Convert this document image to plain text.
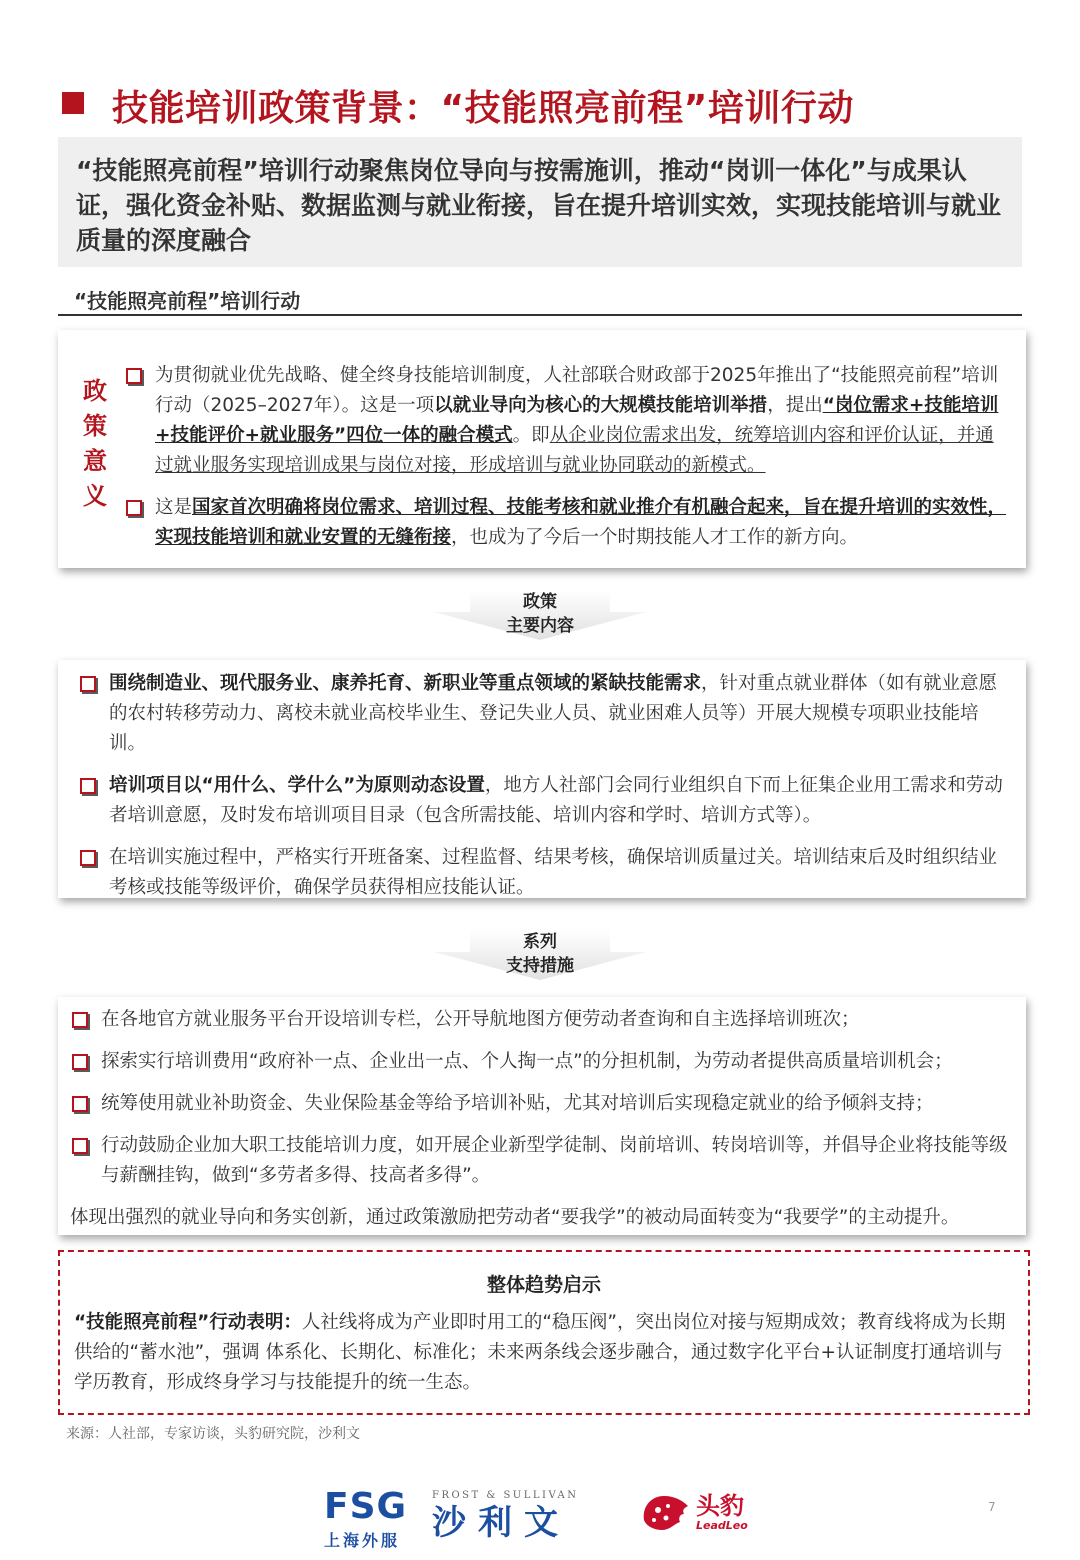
技能培训政策背景：“技能照亮前程”培训行动

“技能照亮前程”培训行动聚焦岗位导向与按需施训，推动“岗训一体化”与成果认证，强化资金补贴、数据监测与就业衔接，旨在提升培训实效，实现技能培训与就业质量的深度融合

“技能照亮前程”培训行动
政策意义
为贯彻就业优先战略、健全终身技能培训制度，人社部联合财政部于2025年推出了“技能照亮前程”培训行动（2025–2027年）。这是一项以就业导向为核心的大规模技能培训举措，提出“岗位需求+技能培训+技能评价+就业服务”四位一体的融合模式。即从企业岗位需求出发，统筹培训内容和评价认证，并通过就业服务实现培训成果与岗位对接，形成培训与就业协同联动的新模式。
这是国家首次明确将岗位需求、培训过程、技能考核和就业推介有机融合起来，旨在提升培训的实效性，实现技能培训和就业安置的无缝衔接，也成为了今后一个时期技能人才工作的新方向。
政策
主要内容
围绕制造业、现代服务业、康养托育、新职业等重点领域的紧缺技能需求，针对重点就业群体（如有就业意愿的农村转移劳动力、离校未就业高校毕业生、登记失业人员、就业困难人员等）开展大规模专项职业技能培训。
培训项目以“用什么、学什么”为原则动态设置，地方人社部门会同行业组织自下而上征集企业用工需求和劳动者培训意愿，及时发布培训项目目录（包含所需技能、培训内容和学时、培训方式等）。
在培训实施过程中，严格实行开班备案、过程监督、结果考核，确保培训质量过关。培训结束后及时组织结业考核或技能等级评价，确保学员获得相应技能认证。
系列
支持措施
在各地官方就业服务平台开设培训专栏，公开导航地图方便劳动者查询和自主选择培训班次；
探索实行培训费用“政府补一点、企业出一点、个人掏一点”的分担机制，为劳动者提供高质量培训机会；
统筹使用就业补助资金、失业保险基金等给予培训补贴，尤其对培训后实现稳定就业的给予倾斜支持；
行动鼓励企业加大职工技能培训力度，如开展企业新型学徒制、岗前培训、转岗培训等，并倡导企业将技能等级与薪酬挂钩，做到“多劳者多得、技高者多得”。
体现出强烈的就业导向和务实创新，通过政策激励把劳动者“要我学”的被动局面转变为“我要学”的主动提升。
整体趋势启示
“技能照亮前程”行动表明：人社线将成为产业即时用工的“稳压阀”，突出岗位对接与短期成效；教育线将成为长期供给的“蓄水池”，强调 体系化、长期化、标准化；未来两条线会逐步融合，通过数字化平台+认证制度打通培训与学历教育，形成终身学习与技能提升的统一生态。
来源：人社部，专家访谈，头豹研究院，沙利文
FSG
上海外服
FROST & SULLIVAN
沙利文	头豹
LeadLeo
7
